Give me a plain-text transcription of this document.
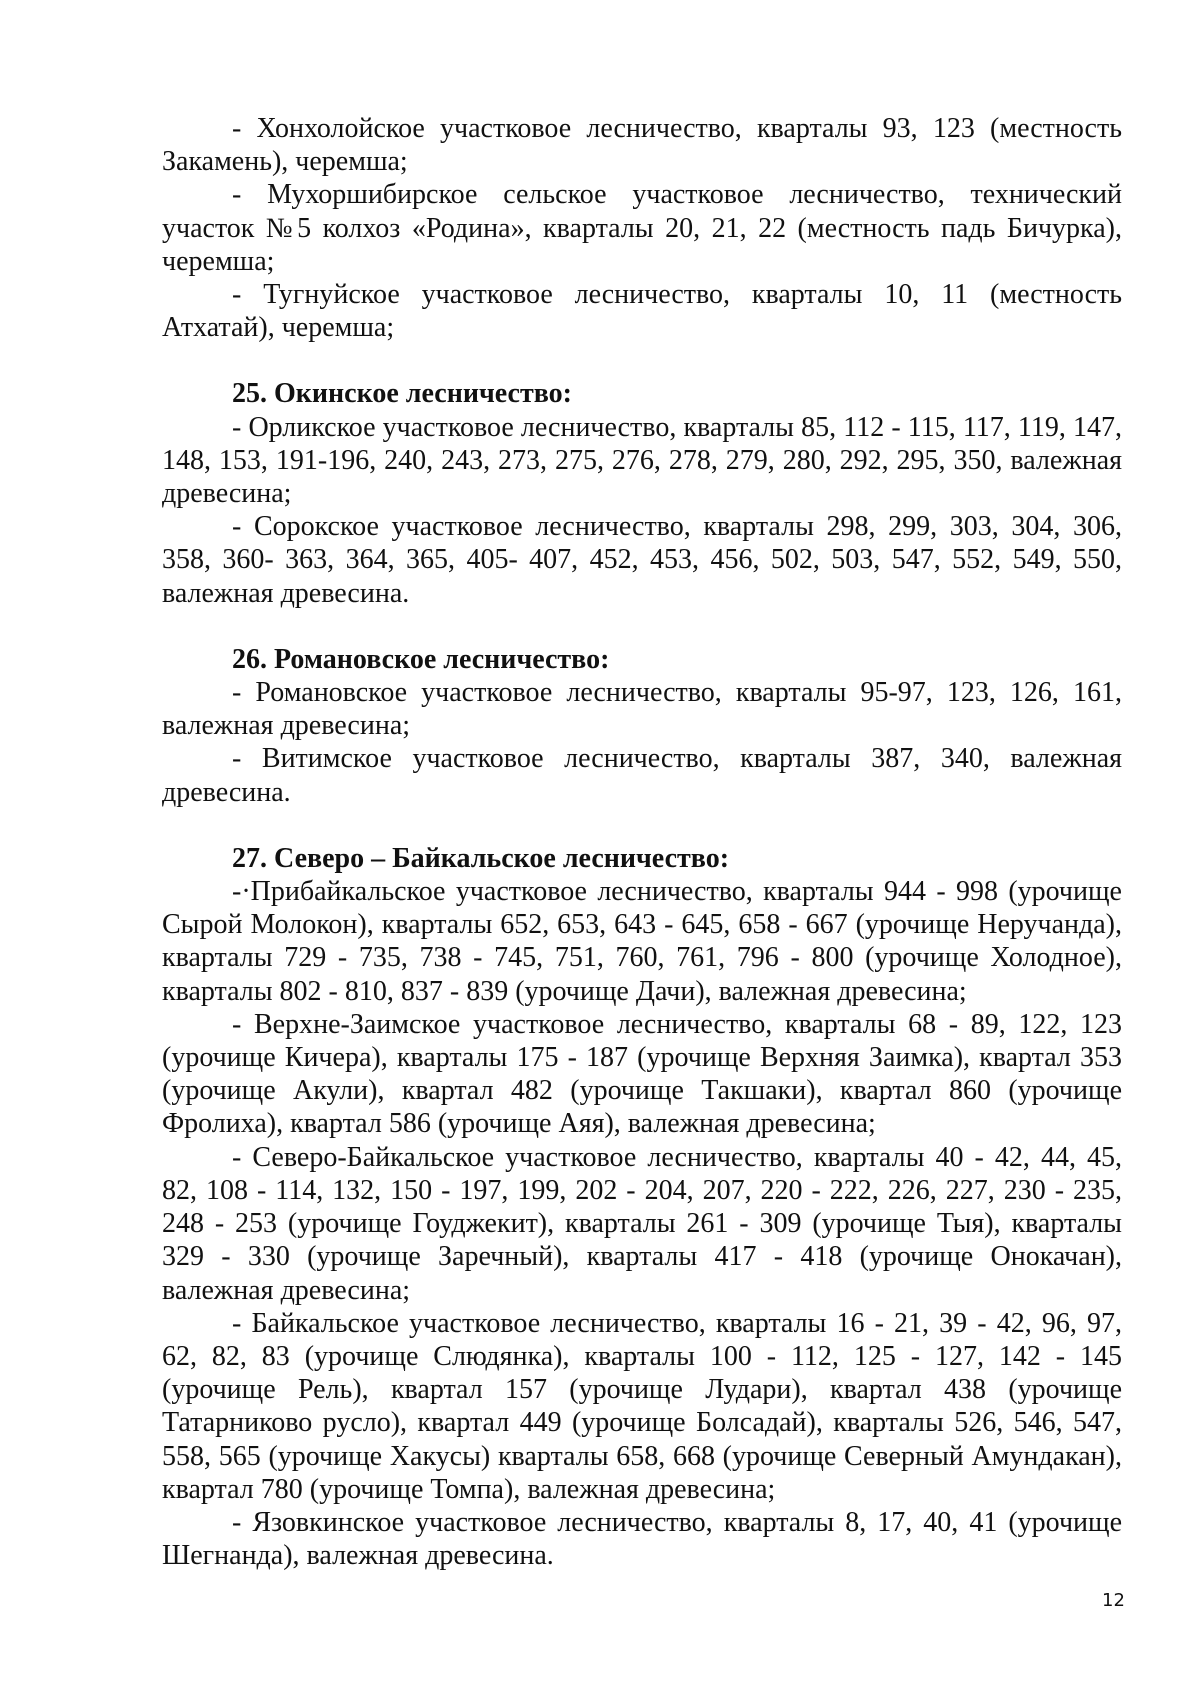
- Хонхолойское участковое лесничество, кварталы 93, 123 (местность Закамень), черемша;

- Мухоршибирское сельское участковое лесничество, технический участок №5 колхоз «Родина», кварталы 20, 21, 22 (местность падь Бичурка), черемша;

- Тугнуйское участковое лесничество, кварталы 10, 11 (местность Атхатай), черемша;

25. Окинское лесничество:

- Орликское участковое лесничество, кварталы 85, 112 - 115, 117, 119, 147, 148, 153, 191-196, 240, 243, 273, 275, 276, 278, 279, 280, 292, 295, 350, валежная древесина;

- Сорокское участковое лесничество, кварталы 298, 299, 303, 304, 306, 358, 360- 363, 364, 365, 405- 407, 452, 453, 456, 502, 503, 547, 552, 549, 550, валежная древесина.

26. Романовское лесничество:

- Романовское участковое лесничество, кварталы 95-97, 123, 126, 161, валежная древесина;

- Витимское участковое лесничество, кварталы 387, 340, валежная древесина.

27. Северо – Байкальское лесничество:

-·Прибайкальское участковое лесничество, кварталы 944 - 998 (урочище Сырой Молокон), кварталы 652, 653, 643 - 645, 658 - 667 (урочище Неручанда), кварталы 729 - 735, 738 - 745, 751, 760, 761, 796 - 800 (урочище Холодное), кварталы 802 - 810, 837 - 839 (урочище Дачи), валежная древесина;

- Верхне-Заимское участковое лесничество, кварталы 68 - 89, 122, 123 (урочище Кичера), кварталы 175 - 187 (урочище Верхняя Заимка), квартал 353 (урочище Акули), квартал 482 (урочище Такшаки), квартал 860 (урочище Фролиха), квартал 586 (урочище Аяя), валежная древесина;

- Северо-Байкальское участковое лесничество, кварталы 40 - 42, 44, 45, 82, 108 - 114, 132, 150 - 197, 199, 202 - 204, 207, 220 - 222, 226, 227, 230 - 235, 248 - 253 (урочище Гоуджекит), кварталы 261 - 309 (урочище Тыя), кварталы 329 - 330 (урочище Заречный), кварталы 417 - 418 (урочище Онокачан), валежная древесина;

- Байкальское участковое лесничество, кварталы 16 - 21, 39 - 42, 96, 97, 62, 82, 83 (урочище Слюдянка), кварталы 100 - 112, 125 - 127, 142 - 145 (урочище Рель), квартал 157 (урочище Лудари), квартал 438 (урочище Татарниково русло), квартал 449 (урочище Болсадай), кварталы 526, 546, 547, 558, 565 (урочище Хакусы) кварталы 658, 668 (урочище Северный Амундакан), квартал 780 (урочище Томпа), валежная древесина;

- Язовкинское участковое лесничество, кварталы 8, 17, 40, 41 (урочище Шегнанда), валежная древесина.

12
